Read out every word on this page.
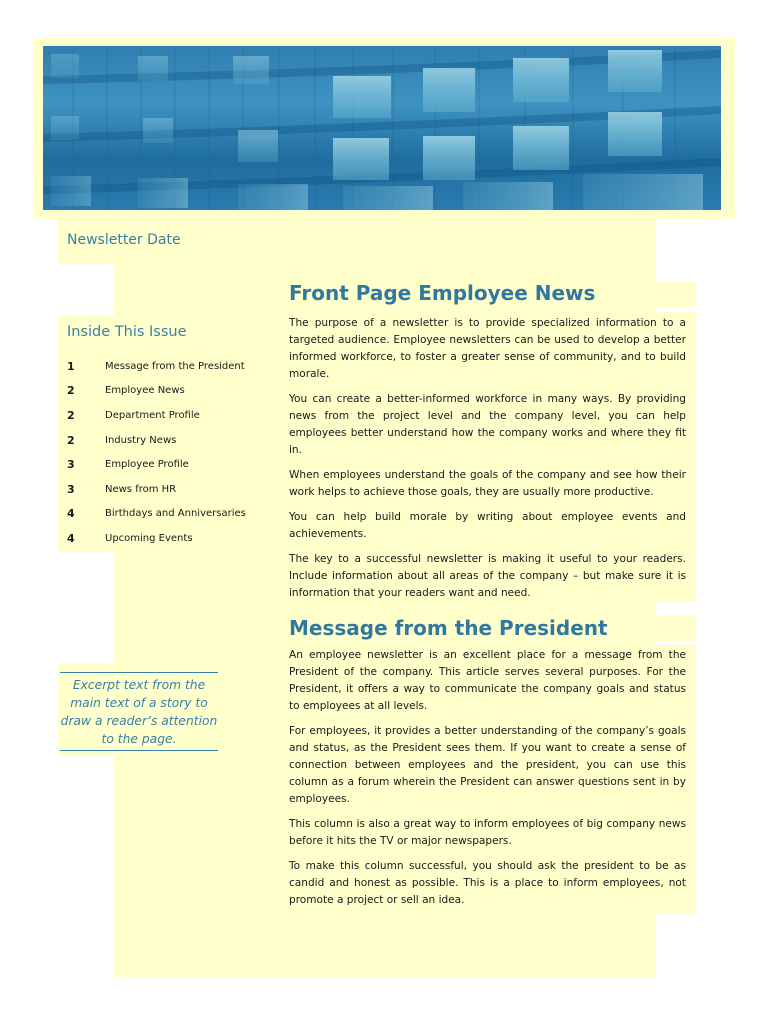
Newsletter Date

Inside This Issue

1	Message from the President
2	Employee News
2	Department Profile
2	Industry News
3	Employee Profile
3	News from HR
4	Birthdays and Anniversaries
4	Upcoming Events
Excerpt text from the main text of a story to draw a reader’s attention to the page.
Front Page Employee News

The purpose of a newsletter is to provide specialized information to a targeted audience. Employee newsletters can be used to develop a better informed workforce, to foster a greater sense of community, and to build morale.

You can create a better-informed workforce in many ways. By providing news from the project level and the company level, you can help employees better understand how the company works and where they fit in.

When employees understand the goals of the company and see how their work helps to achieve those goals, they are usually more productive.

You can help build morale by writing about employee events and achievements.

The key to a successful newsletter is making it useful to your readers. Include information about all areas of the company – but make sure it is information that your readers want and need.

Message from the President

An employee newsletter is an excellent place for a message from the President of the company. This article serves several purposes. For the President, it offers a way to communicate the company goals and status to employees at all levels.

For employees, it provides a better understanding of the company’s goals and status, as the President sees them. If you want to create a sense of connection between employees and the president, you can use this column as a forum wherein the President can answer questions sent in by employees.

This column is also a great way to inform employees of big company news before it hits the TV or major newspapers.

To make this column successful, you should ask the president to be as candid and honest as possible. This is a place to inform employees, not promote a project or sell an idea.
